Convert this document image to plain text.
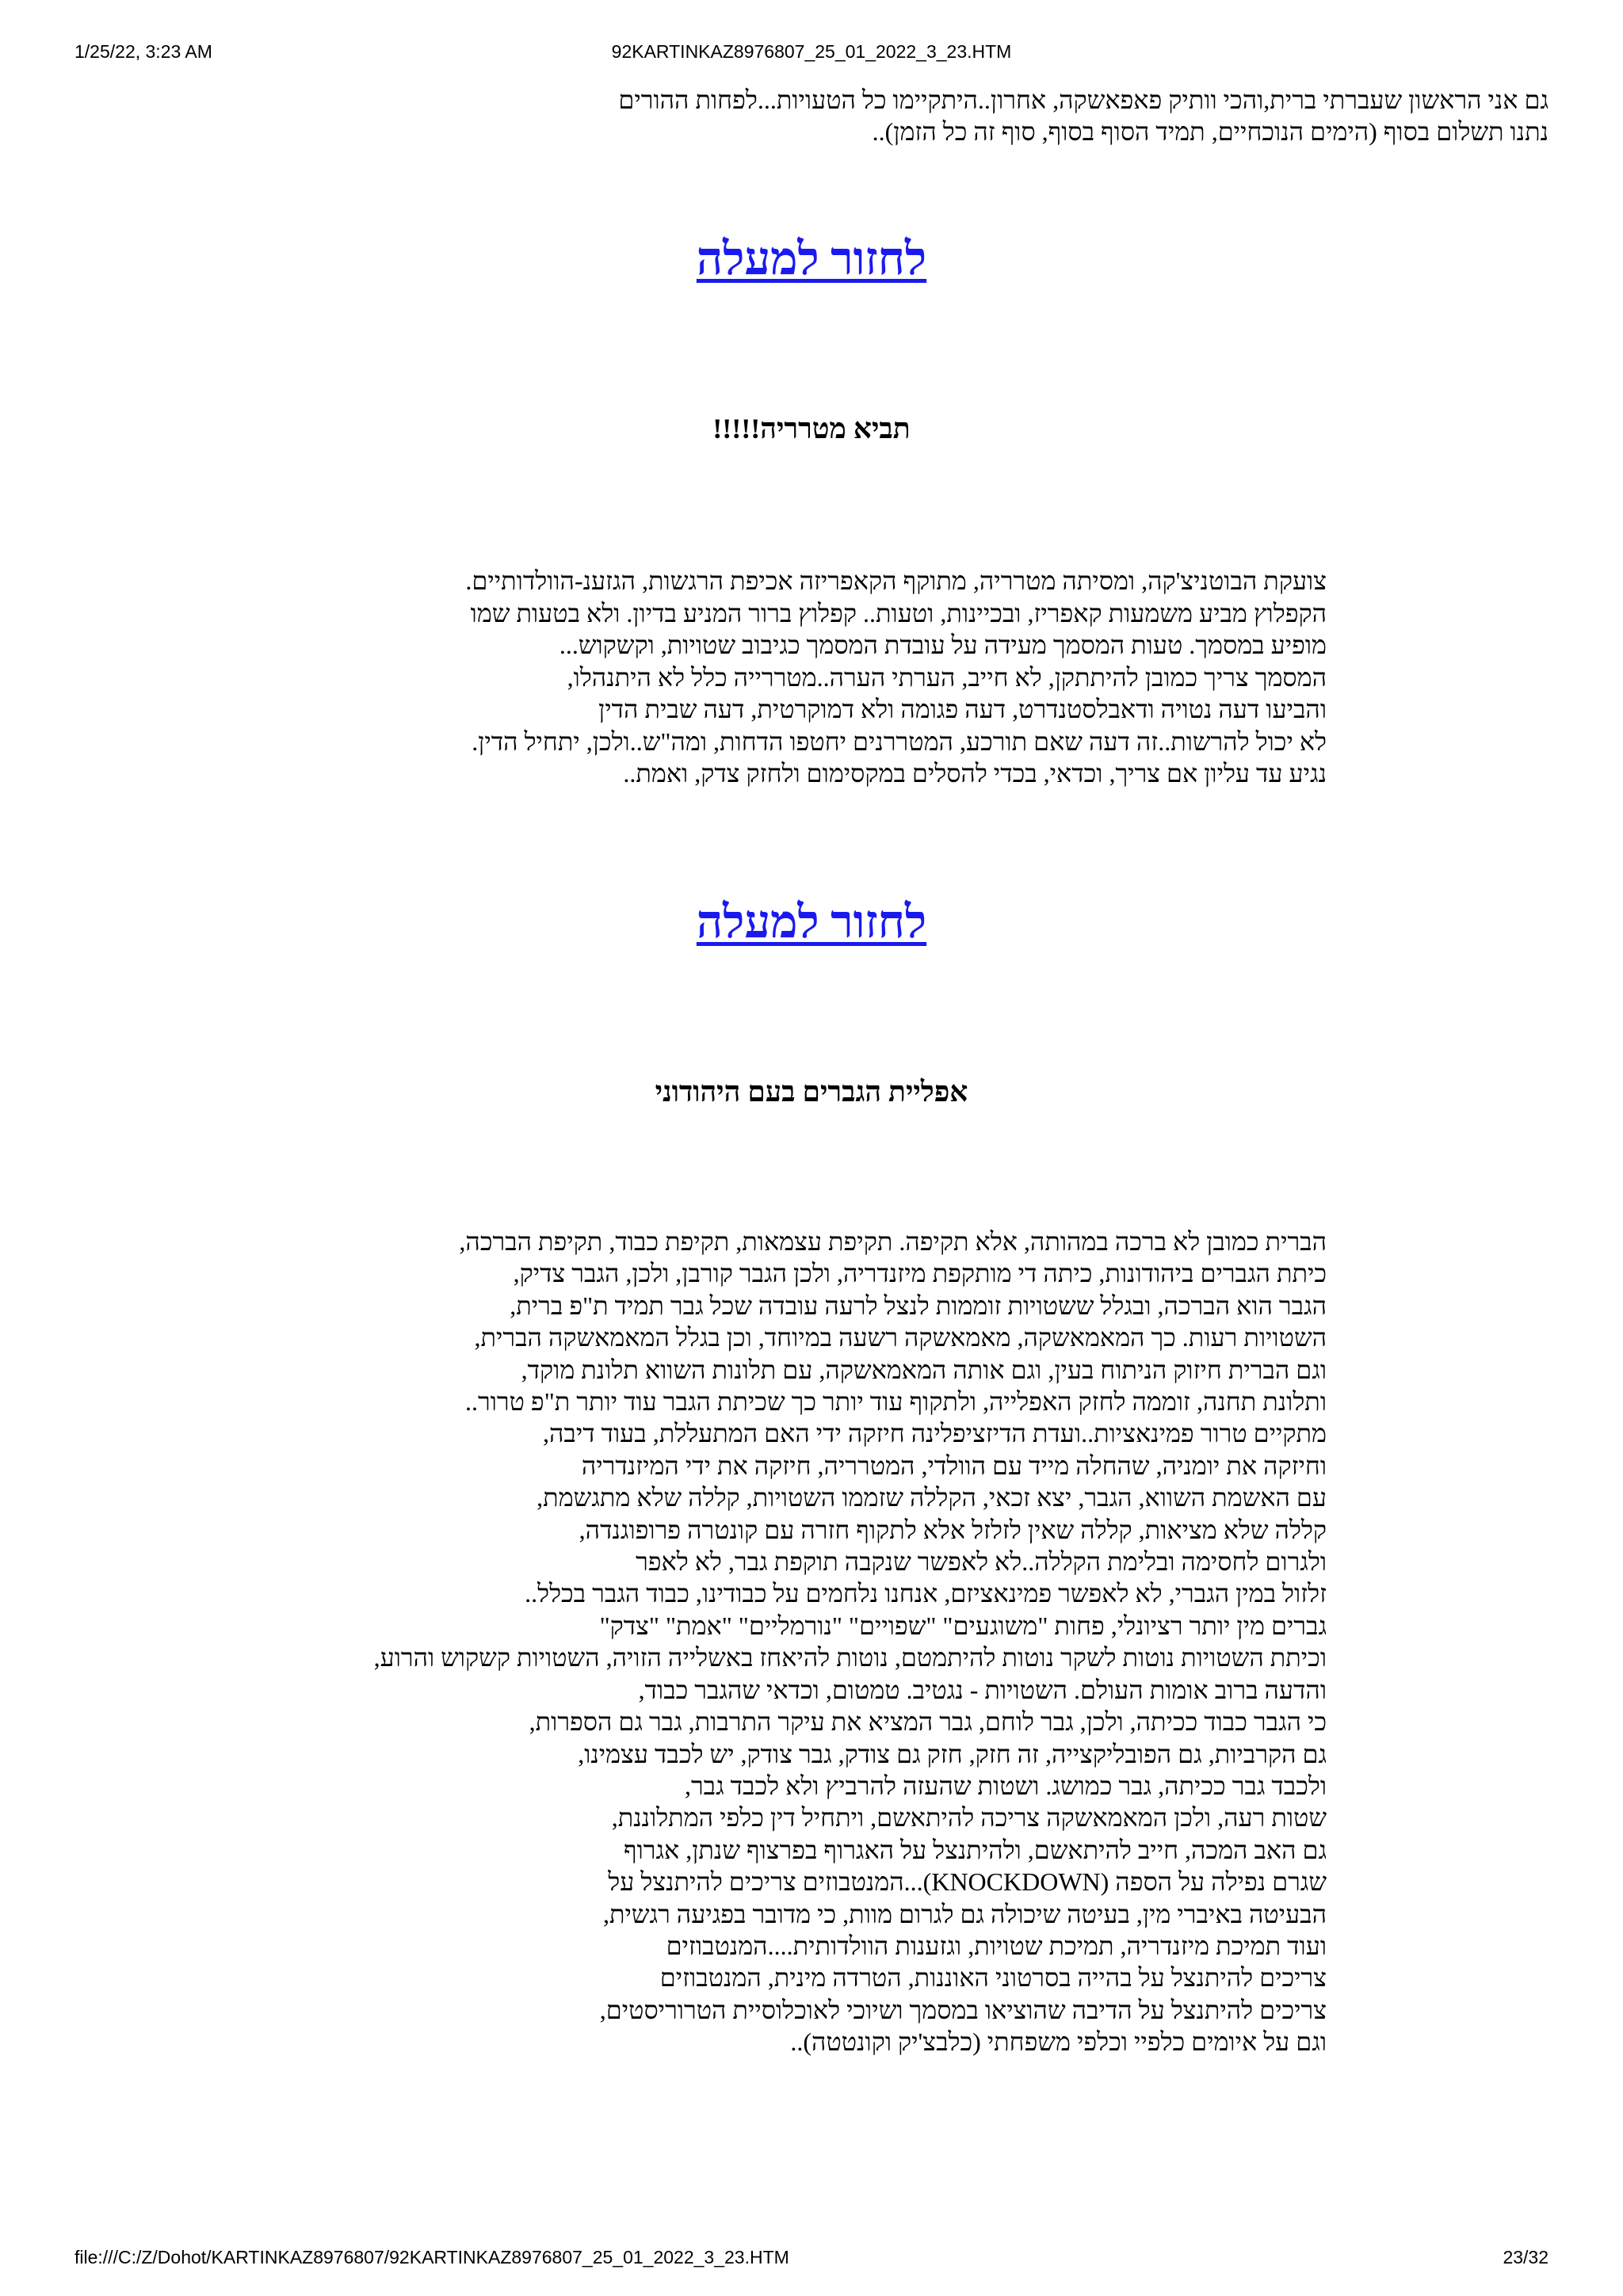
92KARTINKAZ8976807_25_01_2022_3_23.HTM
1/25/22, 3:23 AM
גם אני הראשון שעברתי ברית,והכי וותיק פאפאשקה, אחרון..היתקיימו כל הטעויות...לפחות ההורים
נתנו תשלום בסוף (הימים הנוכחיים, תמיד הסוף בסוף, סוף זה כל הזמן)..
לחזור למעלה
תביא מטרריה!!!!!
צועקת הבוטניצ'קה, ומסיתה מטרריה, מתוקף הקאפריזה אכיפת הרגשות, הגזענ-הוולדותיים.
הקפלוץ מביע משמעות קאפריז, ובכיינות, וטעות.. קפלוץ ברור המניע בדיון. ולא בטעות שמו
מופיע במסמך. טעות המסמך מעידה על עובדת המסמך כגיבוב שטויות, וקשקוש...
המסמך צריך כמובן להיתתקן, לא חייב, הערתי הערה..מטררייה כלל לא היתנהלו,
והביעו דעה נטויה ודאבלסטנדרט, דעה פגומה ולא דמוקרטית, דעה שבית הדין
לא יכול להרשות..זה דעה שאם תורכע, המטררנים יחטפו הדחות, ומה"ש..ולכן, יתחיל הדין.
נגיע עד עליון אם צריך, וכדאי, בכדי להסלים במקסימום ולחזק צדק, ואמת..
לחזור למעלה
אפליית הגברים בעם היהודוני
הברית כמובן לא ברכה במהותה, אלא תקיפה. תקיפת עצמאות, תקיפת כבוד, תקיפת הברכה,
כיתת הגברים ביהודונות, כיתה די מותקפת מיזנדריה, ולכן הגבר קורבן, ולכן, הגבר צדיק,
הגבר הוא הברכה, ובגלל ששטויות זוממות לנצל לרעה עובדה שכל גבר תמיד ת"פ ברית,
השטויות רעות. כך המאמאשקה, מאמאשקה רשעה במיוחד, וכן בגלל המאמאשקה הברית,
וגם הברית חיזוק הניתוח בעין, וגם אותה המאמאשקה, עם תלונות השווא תלונת מוקד,
ותלונת תחנה, זוממה לחזק האפלייה, ולתקוף עוד יותר כך שכיתת הגבר עוד יותר ת"פ טרור..
מתקיים טרור פמינאציות..ועדת הדיזציפלינה חיזקה ידי האם המתעללת, בעוד דיבה,
וחיזקה את יומניה, שהחלה מייד עם הוולדי, המטרריה, חיזקה את ידי המיזנדריה
עם האשמת השווא, הגבר, יצא זכאי, הקללה שזממו השטויות, קללה שלא מתגשמת,
קללה שלא מציאות, קללה שאין לזלזל אלא לתקוף חזרה עם קונטרה פרופוגנדה,
ולגרום לחסימה ובלימת הקללה..לא לאפשר שנקבה תוקפת גבר, לא לאפר
זלזול במין הגברי, לא לאפשר פמינאציזם, אנחנו נלחמים על כבודינו, כבוד הגבר בכלל..
גברים מין יותר רציונלי, פחות "משוגעים" "שפויים" "נורמליים" "אמת" "צדק"
וכיתת השטויות נוטות לשקר נוטות להיתמטם, נוטות להיאחז באשלייה הזויה, השטויות קשקוש והרוע,
והדעה ברוב אומות העולם. השטויות - נגטיב. טמטום, וכדאי שהגבר כבוד,
כי הגבר כבוד ככיתה, ולכן, גבר לוחם, גבר המציא את עיקר התרבות, גבר גם הספרות,
גם הקרביות, גם הפובליקצייה, זה חזק, חזק גם צודק, גבר צודק, יש לכבד עצמינו,
ולכבד גבר ככיתה, גבר כמושג. ושטות שהעזה להרביץ ולא לכבד גבר,
שטות רעה, ולכן המאמאשקה צריכה להיתאשם, ויתחיל דין כלפי המתלוננת,
גם האב המכה, חייב להיתאשם, ולהיתנצל על האגרוף בפרצוף שנתן, אגרוף
שגרם נפילה על הספה (KNOCKDOWN)...המנטבוזים צריכים להיתנצל על
הבעיטה באיברי מין, בעיטה שיכולה גם לגרום מוות, כי מדובר בפגיעה רגשית,
ועוד תמיכת מיזנדריה, תמיכת שטויות, וגזענות הוולדותית....המנטבוזים
צריכים להיתנצל על בהייה בסרטוני האוננות, הטרדה מינית, המנטבוזים
צריכים להיתנצל על הדיבה שהוציאו במסמך ושיוכי לאוכלוסיית הטרוריסטים,
וגם על איומים כלפיי וכלפי משפחתי (כלבצ'יק וקונטטה)..
file:///C:/Z/Dohot/KARTINKAZ8976807/92KARTINKAZ8976807_25_01_2022_3_23.HTM	23/32
